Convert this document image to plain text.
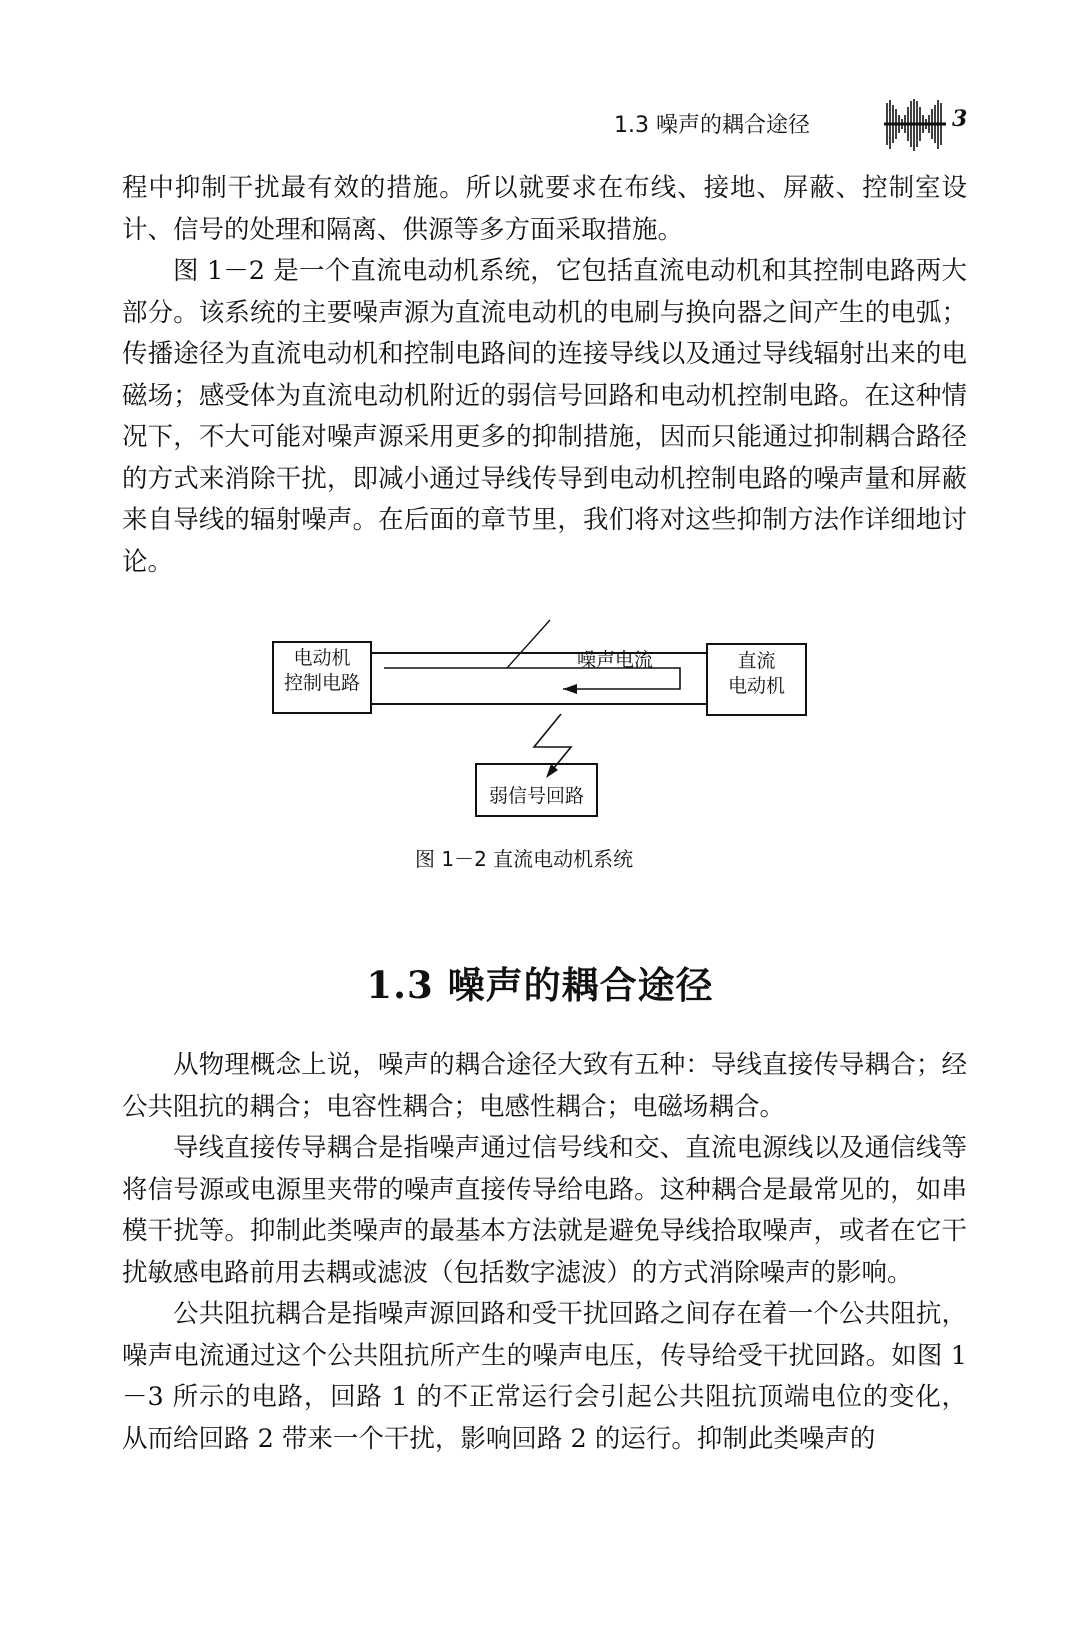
1.3 噪声的耦合途径	3

程中抑制干扰最有效的措施。所以就要求在布线、接地、屏蔽、控制室设计、信号的处理和隔离、供源等多方面采取措施。

图 1－2 是一个直流电动机系统，它包括直流电动机和其控制电路两大部分。该系统的主要噪声源为直流电动机的电刷与换向器之间产生的电弧；传播途径为直流电动机和控制电路间的连接导线以及通过导线辐射出来的电磁场；感受体为直流电动机附近的弱信号回路和电动机控制电路。在这种情况下，不大可能对噪声源采用更多的抑制措施，因而只能通过抑制耦合路径的方式来消除干扰，即减小通过导线传导到电动机控制电路的噪声量和屏蔽来自导线的辐射噪声。在后面的章节里，我们将对这些抑制方法作详细地讨论。

噪声电流
电动机
控制电路
直流
电动机
弱信号回路
图 1－2 直流电动机系统
1.3 噪声的耦合途径

从物理概念上说，噪声的耦合途径大致有五种：导线直接传导耦合；经公共阻抗的耦合；电容性耦合；电感性耦合；电磁场耦合。

导线直接传导耦合是指噪声通过信号线和交、直流电源线以及通信线等将信号源或电源里夹带的噪声直接传导给电路。这种耦合是最常见的，如串模干扰等。抑制此类噪声的最基本方法就是避免导线拾取噪声，或者在它干扰敏感电路前用去耦或滤波（包括数字滤波）的方式消除噪声的影响。

公共阻抗耦合是指噪声源回路和受干扰回路之间存在着一个公共阻抗，噪声电流通过这个公共阻抗所产生的噪声电压，传导给受干扰回路。如图 1－3 所示的电路，回路 1 的不正常运行会引起公共阻抗顶端电位的变化，从而给回路 2 带来一个干扰，影响回路 2 的运行。抑制此类噪声的
